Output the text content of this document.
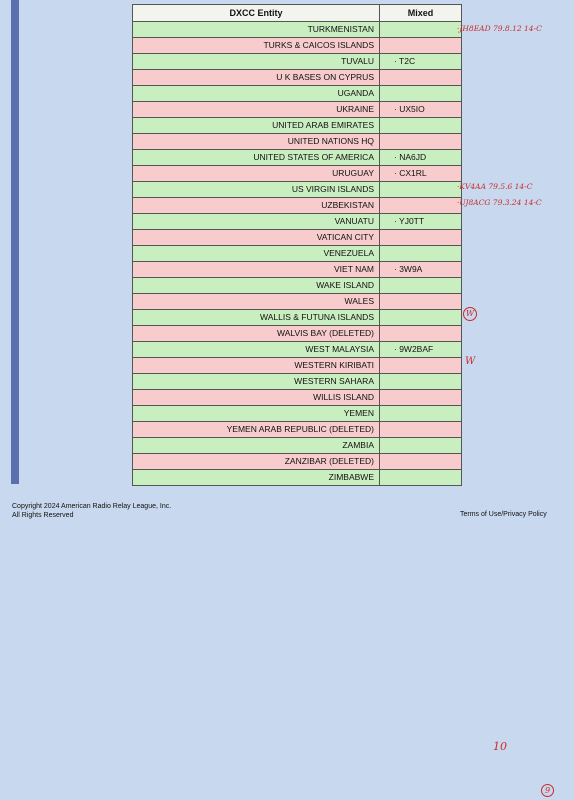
DXCC Entity	Mixed
TURKMENISTAN	
TURKS & CAICOS ISLANDS	
TUVALU	· T2C
U K BASES ON CYPRUS	
UGANDA	
UKRAINE	· UX5IO
UNITED ARAB EMIRATES	
UNITED NATIONS HQ	
UNITED STATES OF AMERICA	· NA6JD
URUGUAY	· CX1RL
US VIRGIN ISLANDS	
UZBEKISTAN	
VANUATU	· YJ0TT
VATICAN CITY	
VENEZUELA	
VIET NAM	· 3W9A
WAKE ISLAND	
WALES	
WALLIS & FUTUNA ISLANDS	
WALVIS BAY (DELETED)	
WEST MALAYSIA	· 9W2BAF
WESTERN KIRIBATI	
WESTERN SAHARA	
WILLIS ISLAND	
YEMEN	
YEMEN ARAB REPUBLIC (DELETED)	
ZAMBIA	
ZANZIBAR (DELETED)	
ZIMBABWE	
Copyright 2024 American Radio Relay League, Inc.
All Rights Reserved	Terms of Use/Privacy Policy
·JH8EAD 79.8.12 14-C
·KV4AA 79.5.6 14-C
·UJ8ACG 79.3.24 14-C
W
W
10
9
